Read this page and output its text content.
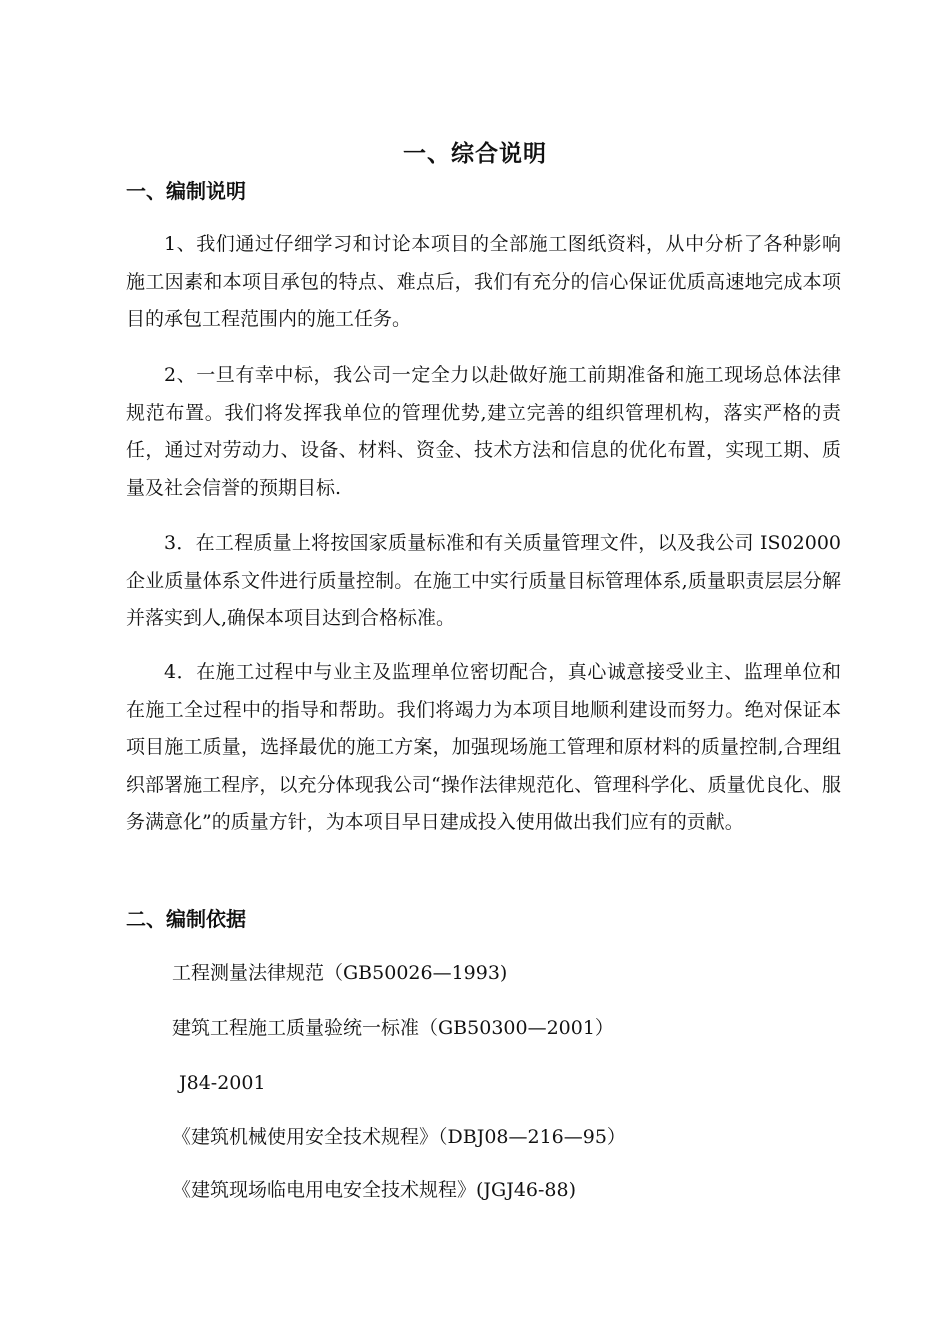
一、综合说明
一、编制说明

1、我们通过仔细学习和讨论本项目的全部施工图纸资料，从中分析了各种影响施工因素和本项目承包的特点、难点后，我们有充分的信心保证优质高速地完成本项目的承包工程范围内的施工任务。

2、一旦有幸中标，我公司一定全力以赴做好施工前期准备和施工现场总体法律规范布置。我们将发挥我单位的管理优势,建立完善的组织管理机构，落实严格的责任，通过对劳动力、设备、材料、资金、技术方法和信息的优化布置，实现工期、质量及社会信誉的预期目标.

3．在工程质量上将按国家质量标准和有关质量管理文件，以及我公司 IS02000 企业质量体系文件进行质量控制。在施工中实行质量目标管理体系,质量职责层层分解并落实到人,确保本项目达到合格标准。

4．在施工过程中与业主及监理单位密切配合，真心诚意接受业主、监理单位和在施工全过程中的指导和帮助。我们将竭力为本项目地顺利建设而努力。绝对保证本项目施工质量，选择最优的施工方案，加强现场施工管理和原材料的质量控制,合理组织部署施工程序，以充分体现我公司“操作法律规范化、管理科学化、质量优良化、服务满意化”的质量方针，为本项目早日建成投入使用做出我们应有的贡献。

二、编制依据
工程测量法律规范（GB50026—1993)
建筑工程施工质量验统一标准（GB50300—2001）
J84-2001
《建筑机械使用安全技术规程》（DBJ08—216—95）
《建筑现场临电用电安全技术规程》(JGJ46-88)
